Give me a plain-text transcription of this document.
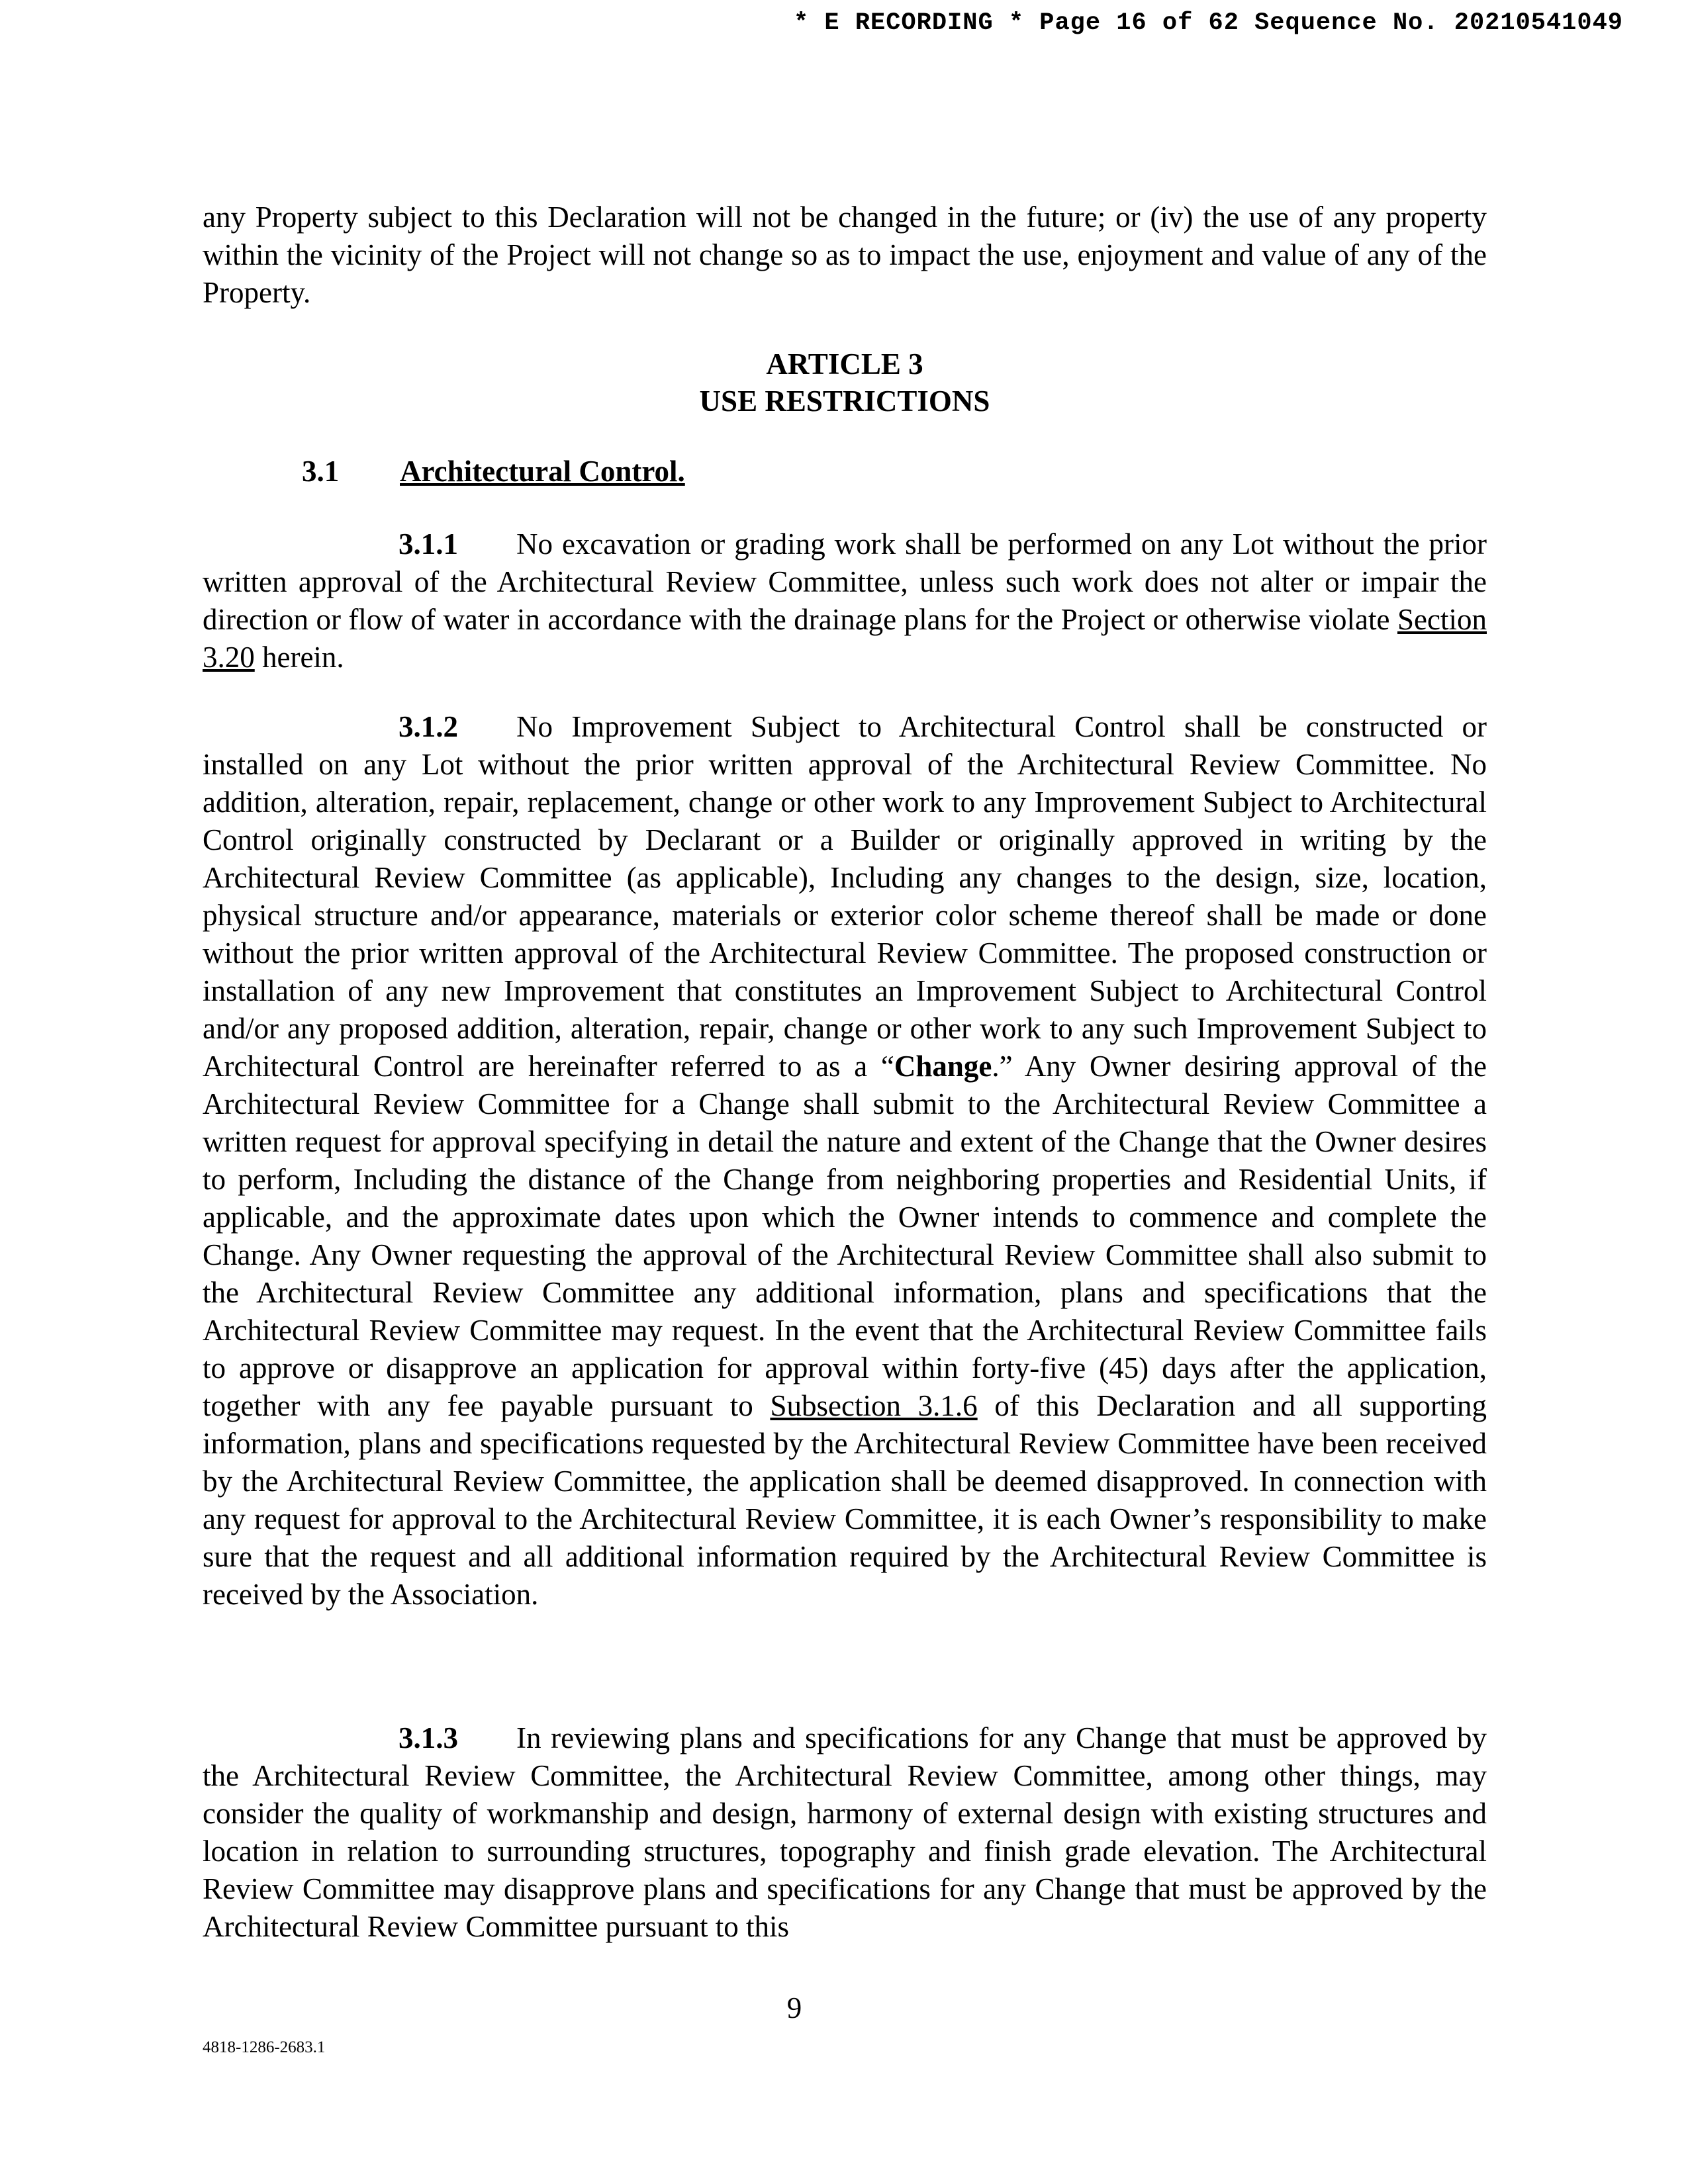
* E RECORDING * Page 16 of 62 Sequence No. 20210541049

any Property subject to this Declaration will not be changed in the future; or (iv) the use of any property within the vicinity of the Project will not change so as to impact the use, enjoyment and value of any of the Property.

ARTICLE 3
USE RESTRICTIONS
3.1 Architectural Control.

3.1.1 No excavation or grading work shall be performed on any Lot without the prior written approval of the Architectural Review Committee, unless such work does not alter or impair the direction or flow of water in accordance with the drainage plans for the Project or otherwise violate Section 3.20 herein.

3.1.2 No Improvement Subject to Architectural Control shall be constructed or installed on any Lot without the prior written approval of the Architectural Review Committee. No addition, alteration, repair, replacement, change or other work to any Improvement Subject to Architectural Control originally constructed by Declarant or a Builder or originally approved in writing by the Architectural Review Committee (as applicable), Including any changes to the design, size, location, physical structure and/or appearance, materials or exterior color scheme thereof shall be made or done without the prior written approval of the Architectural Review Committee. The proposed construction or installation of any new Improvement that constitutes an Improvement Subject to Architectural Control and/or any proposed addition, alteration, repair, change or other work to any such Improvement Subject to Architectural Control are hereinafter referred to as a “Change.” Any Owner desiring approval of the Architectural Review Committee for a Change shall submit to the Architectural Review Committee a written request for approval specifying in detail the nature and extent of the Change that the Owner desires to perform, Including the distance of the Change from neighboring properties and Residential Units, if applicable, and the approximate dates upon which the Owner intends to commence and complete the Change. Any Owner requesting the approval of the Architectural Review Committee shall also submit to the Architectural Review Committee any additional information, plans and specifications that the Architectural Review Committee may request. In the event that the Architectural Review Committee fails to approve or disapprove an application for approval within forty-five (45) days after the application, together with any fee payable pursuant to Subsection 3.1.6 of this Declaration and all supporting information, plans and specifications requested by the Architectural Review Committee have been received by the Architectural Review Committee, the application shall be deemed disapproved. In connection with any request for approval to the Architectural Review Committee, it is each Owner’s responsibility to make sure that the request and all additional information required by the Architectural Review Committee is received by the Association.

3.1.3 In reviewing plans and specifications for any Change that must be approved by the Architectural Review Committee, the Architectural Review Committee, among other things, may consider the quality of workmanship and design, harmony of external design with existing structures and location in relation to surrounding structures, topography and finish grade elevation. The Architectural Review Committee may disapprove plans and specifications for any Change that must be approved by the Architectural Review Committee pursuant to this

9
4818-1286-2683.1
